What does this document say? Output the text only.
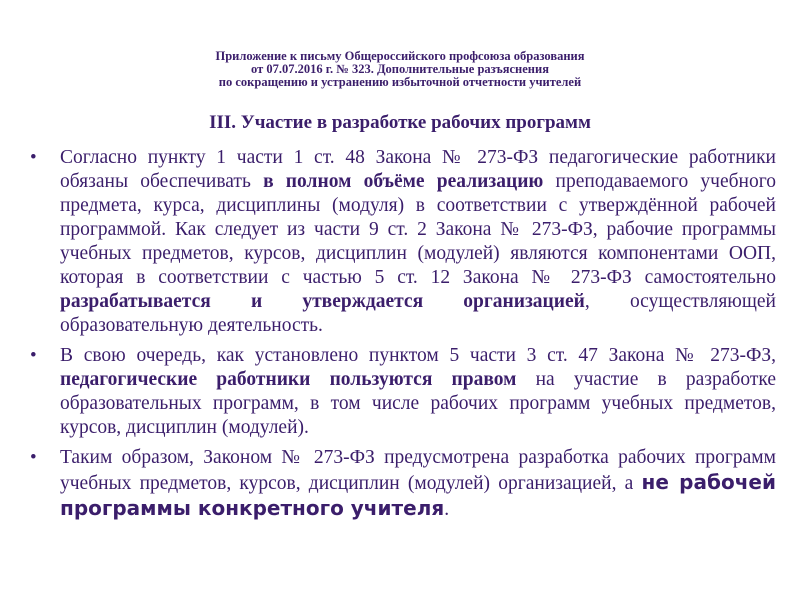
Приложение к письму Общероссийского профсоюза образования
от 07.07.2016 г. № 323. Дополнительные разъяснения
по сокращению и устранению избыточной отчетности учителей
III. Участие в разработке рабочих программ
•	Согласно пункту 1 части 1 ст. 48 Закона № 273-ФЗ педагогические работники обязаны обеспечивать в полном объёме реализацию преподаваемого учебного предмета, курса, дисциплины (модуля) в соответствии с утверждённой рабочей программой. Как следует из части 9 ст. 2 Закона № 273-ФЗ, рабочие программы учебных предметов, курсов, дисциплин (модулей) являются компонентами ООП, которая в соответствии с частью 5 ст. 12 Закона № 273-ФЗ самостоятельно разрабатывается и утверждается организацией, осуществляющей образовательную деятельность.
•	В свою очередь, как установлено пунктом 5 части 3 ст. 47 Закона № 273-ФЗ, педагогические работники пользуются правом на участие в разработке образовательных программ, в том числе рабочих программ учебных предметов, курсов, дисциплин (модулей).
•	Таким образом, Законом № 273-ФЗ предусмотрена разработка рабочих программ учебных предметов, курсов, дисциплин (модулей) организацией, а не рабочей программы конкретного учителя.
